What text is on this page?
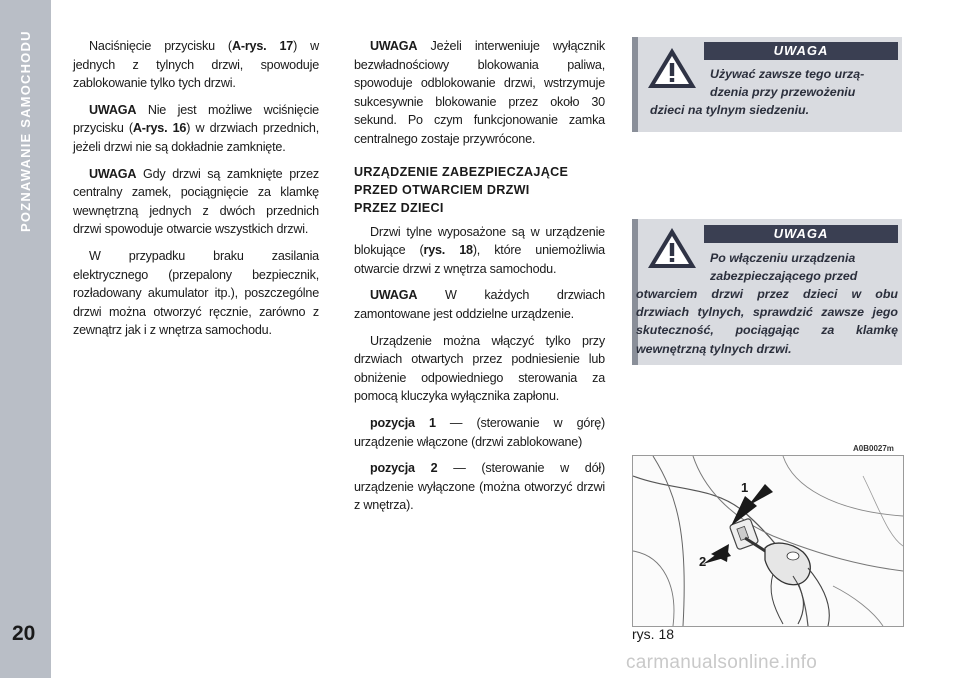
POZNAWANIE SAMOCHODU
20

Naciśnięcie przycisku (A-rys. 17) w jednych z tylnych drzwi, spowoduje zablokowanie tylko tych drzwi.

UWAGA Nie jest możliwe wciśnięcie przycisku (A-rys. 16) w drzwiach przednich, jeżeli drzwi nie są dokładnie zamknięte.

UWAGA Gdy drzwi są zamknięte przez centralny zamek, pociągnięcie za klamkę wewnętrzną jednych z dwóch przednich drzwi spowoduje otwarcie wszystkich drzwi.

W przypadku braku zasilania elektrycznego (przepalony bezpiecznik, rozładowany akumulator itp.), poszczególne drzwi można otworzyć ręcznie, zarówno z zewnątrz jak i z wnętrza samochodu.

UWAGA Jeżeli interweniuje wyłącznik bezwładnościowy blokowania paliwa, spowoduje odblokowanie drzwi, wstrzymuje sukcesywnie blokowanie przez około 30 sekund. Po czym funkcjonowanie zamka centralnego zostaje przywrócone.

URZĄDZENIE ZABEZPIECZAJĄCE
PRZED OTWARCIEM DRZWI
PRZEZ DZIECI

Drzwi tylne wyposażone są w urządzenie blokujące (rys. 18), które uniemożliwia otwarcie drzwi z wnętrza samochodu.

UWAGA W każdych drzwiach zamontowane jest oddzielne urządzenie.

Urządzenie można włączyć tylko przy drzwiach otwartych przez podniesienie lub obniżenie odpowiedniego sterowania za pomocą kluczyka wyłącznika zapłonu.

pozycja 1 — (sterowanie w górę) urządzenie włączone (drzwi zablokowane)

pozycja 2 — (sterowanie w dół) urządzenie wyłączone (można otworzyć drzwi z wnętrza).

UWAGA
Używać zawsze tego urzą-
dzenia przy przewożeniu
dzieci na tylnym siedzeniu.
UWAGA
Po włączeniu urządzenia
zabezpieczającego przed
otwarciem drzwi przez dzieci w obu drzwiach tylnych, sprawdzić zawsze jego skuteczność, pociągając za klamkę wewnętrzną tylnych drzwi.
A0B0027m
1
2
rys. 18
carmanualsonline.info
